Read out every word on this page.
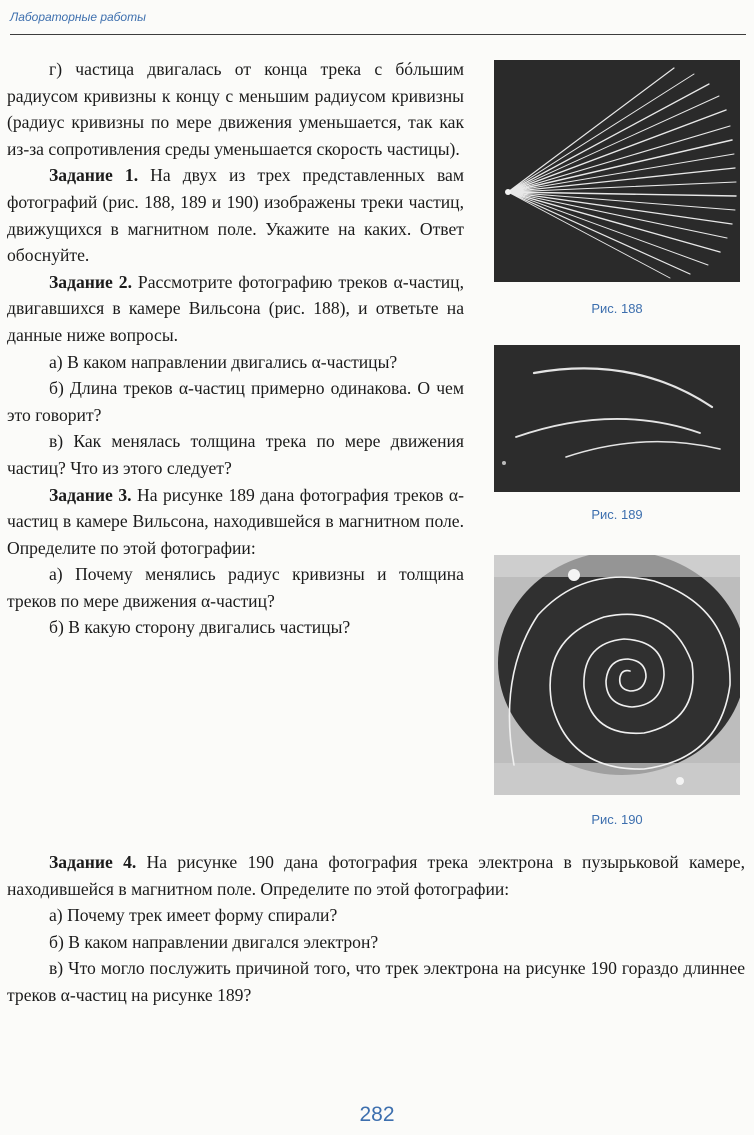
Лабораторные работы

г) частица двигалась от конца трека с бóльшим радиусом кривизны к концу с меньшим радиусом кривизны (радиус кривизны по мере движения уменьшается, так как из-за сопротивления среды уменьшается скорость частицы).

Задание 1. На двух из трех представленных вам фотографий (рис. 188, 189 и 190) изображены треки частиц, движущихся в магнитном поле. Укажите на каких. Ответ обоснуйте.

Задание 2. Рассмотрите фотографию треков α-частиц, двигавшихся в камере Вильсона (рис. 188), и ответьте на данные ниже вопросы.

а) В каком направлении двигались α-частицы?

б) Длина треков α-частиц примерно одинакова. О чем это говорит?

в) Как менялась толщина трека по мере движения частиц? Что из этого следует?

Задание 3. На рисунке 189 дана фотография треков α-частиц в камере Вильсона, находившейся в магнитном поле. Определите по этой фотографии:

а) Почему менялись радиус кривизны и толщина треков по мере движения α-частиц?

б) В какую сторону двигались частицы?

Задание 4. На рисунке 190 дана фотография трека электрона в пузырьковой камере, находившейся в магнитном поле. Определите по этой фотографии:

а) Почему трек имеет форму спирали?

б) В каком направлении двигался электрон?

в) Что могло послужить причиной того, что трек электрона на рисунке 190 гораздо длиннее треков α-частиц на рисунке 189?

Рис. 188
Рис. 189
Рис. 190
282
